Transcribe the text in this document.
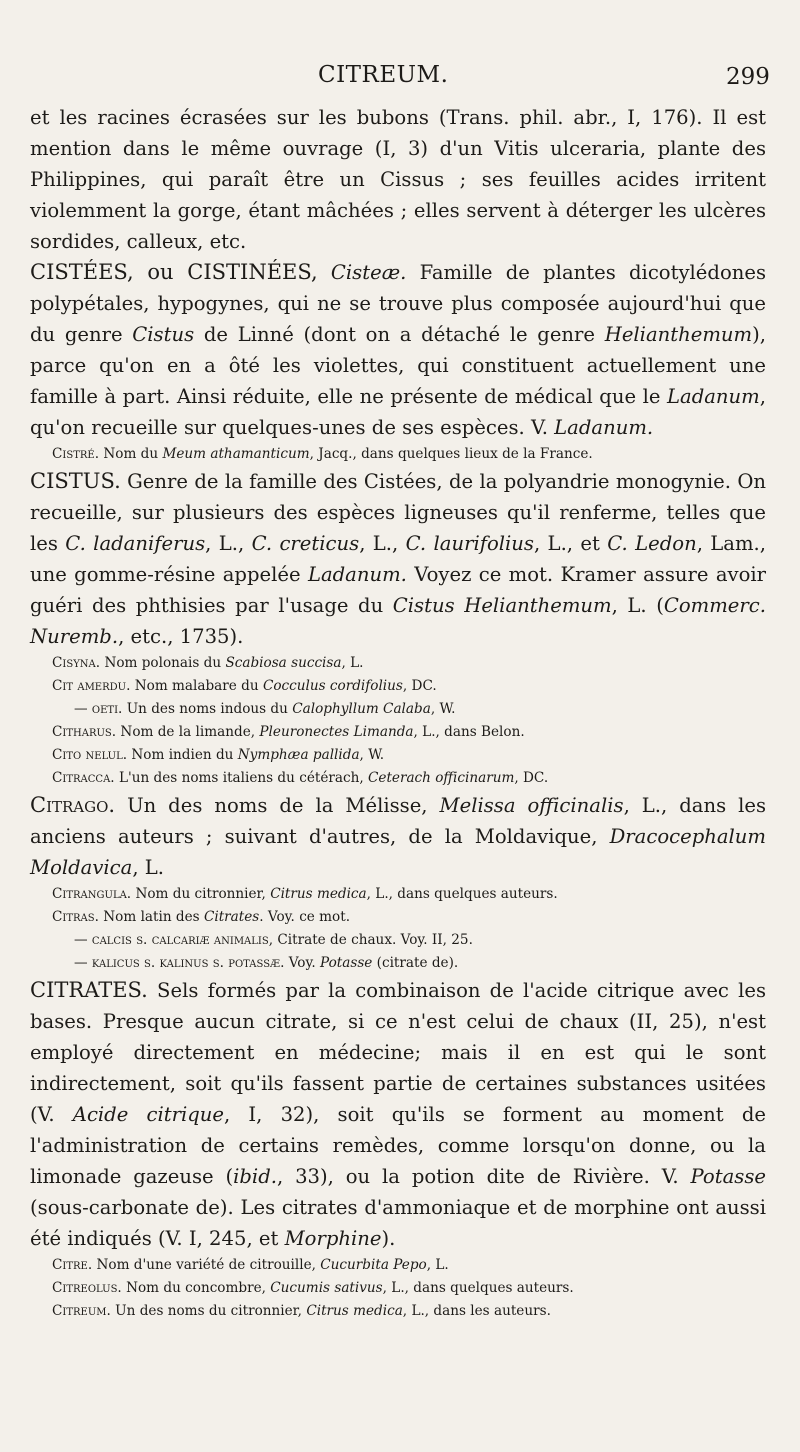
CITREUM.	299

et les racines écrasées sur les bubons (Trans. phil. abr., I, 176). Il est mention dans le même ouvrage (I, 3) d'un Vitis ulceraria, plante des Philippines, qui paraît être un Cissus ; ses feuilles acides irritent violemment la gorge, étant mâchées ; elles servent à déterger les ulcères sordides, calleux, etc.

CISTÉES, ou CISTINÉES, Cisteæ. Famille de plantes dicotylédones polypétales, hypogynes, qui ne se trouve plus composée aujourd'hui que du genre Cistus de Linné (dont on a détaché le genre Helianthemum), parce qu'on en a ôté les violettes, qui constituent actuellement une famille à part. Ainsi réduite, elle ne présente de médical que le Ladanum, qu'on recueille sur quelques-unes de ses espèces. V. Ladanum.

Cistré. Nom du Meum athamanticum, Jacq., dans quelques lieux de la France.

CISTUS. Genre de la famille des Cistées, de la polyandrie monogynie. On recueille, sur plusieurs des espèces ligneuses qu'il renferme, telles que les C. ladaniferus, L., C. creticus, L., C. laurifolius, L., et C. Ledon, Lam., une gomme-résine appelée Ladanum. Voyez ce mot. Kramer assure avoir guéri des phthisies par l'usage du Cistus Helianthemum, L. (Commerc. Nuremb., etc., 1735).

Cisyna. Nom polonais du Scabiosa succisa, L.

Cit amerdu. Nom malabare du Cocculus cordifolius, DC.

— oeti. Un des noms indous du Calophyllum Calaba, W.

Citharus. Nom de la limande, Pleuronectes Limanda, L., dans Belon.

Cito nelul. Nom indien du Nymphæa pallida, W.

Citracca. L'un des noms italiens du cétérach, Ceterach officinarum, DC.

Citrago. Un des noms de la Mélisse, Melissa officinalis, L., dans les anciens auteurs ; suivant d'autres, de la Moldavique, Dracocephalum Moldavica, L.

Citrangula. Nom du citronnier, Citrus medica, L., dans quelques auteurs.

Citras. Nom latin des Citrates. Voy. ce mot.

— calcis s. calcariæ animalis, Citrate de chaux. Voy. II, 25.

— kalicus s. kalinus s. potassæ. Voy. Potasse (citrate de).

CITRATES. Sels formés par la combinaison de l'acide citrique avec les bases. Presque aucun citrate, si ce n'est celui de chaux (II, 25), n'est employé directement en médecine; mais il en est qui le sont indirectement, soit qu'ils fassent partie de certaines substances usitées (V. Acide citrique, I, 32), soit qu'ils se forment au moment de l'administration de certains remèdes, comme lorsqu'on donne, ou la limonade gazeuse (ibid., 33), ou la potion dite de Rivière. V. Potasse (sous-carbonate de). Les citrates d'ammoniaque et de morphine ont aussi été indiqués (V. I, 245, et Morphine).

Citre. Nom d'une variété de citrouille, Cucurbita Pepo, L.

Citreolus. Nom du concombre, Cucumis sativus, L., dans quelques auteurs.

Citreum. Un des noms du citronnier, Citrus medica, L., dans les auteurs.
